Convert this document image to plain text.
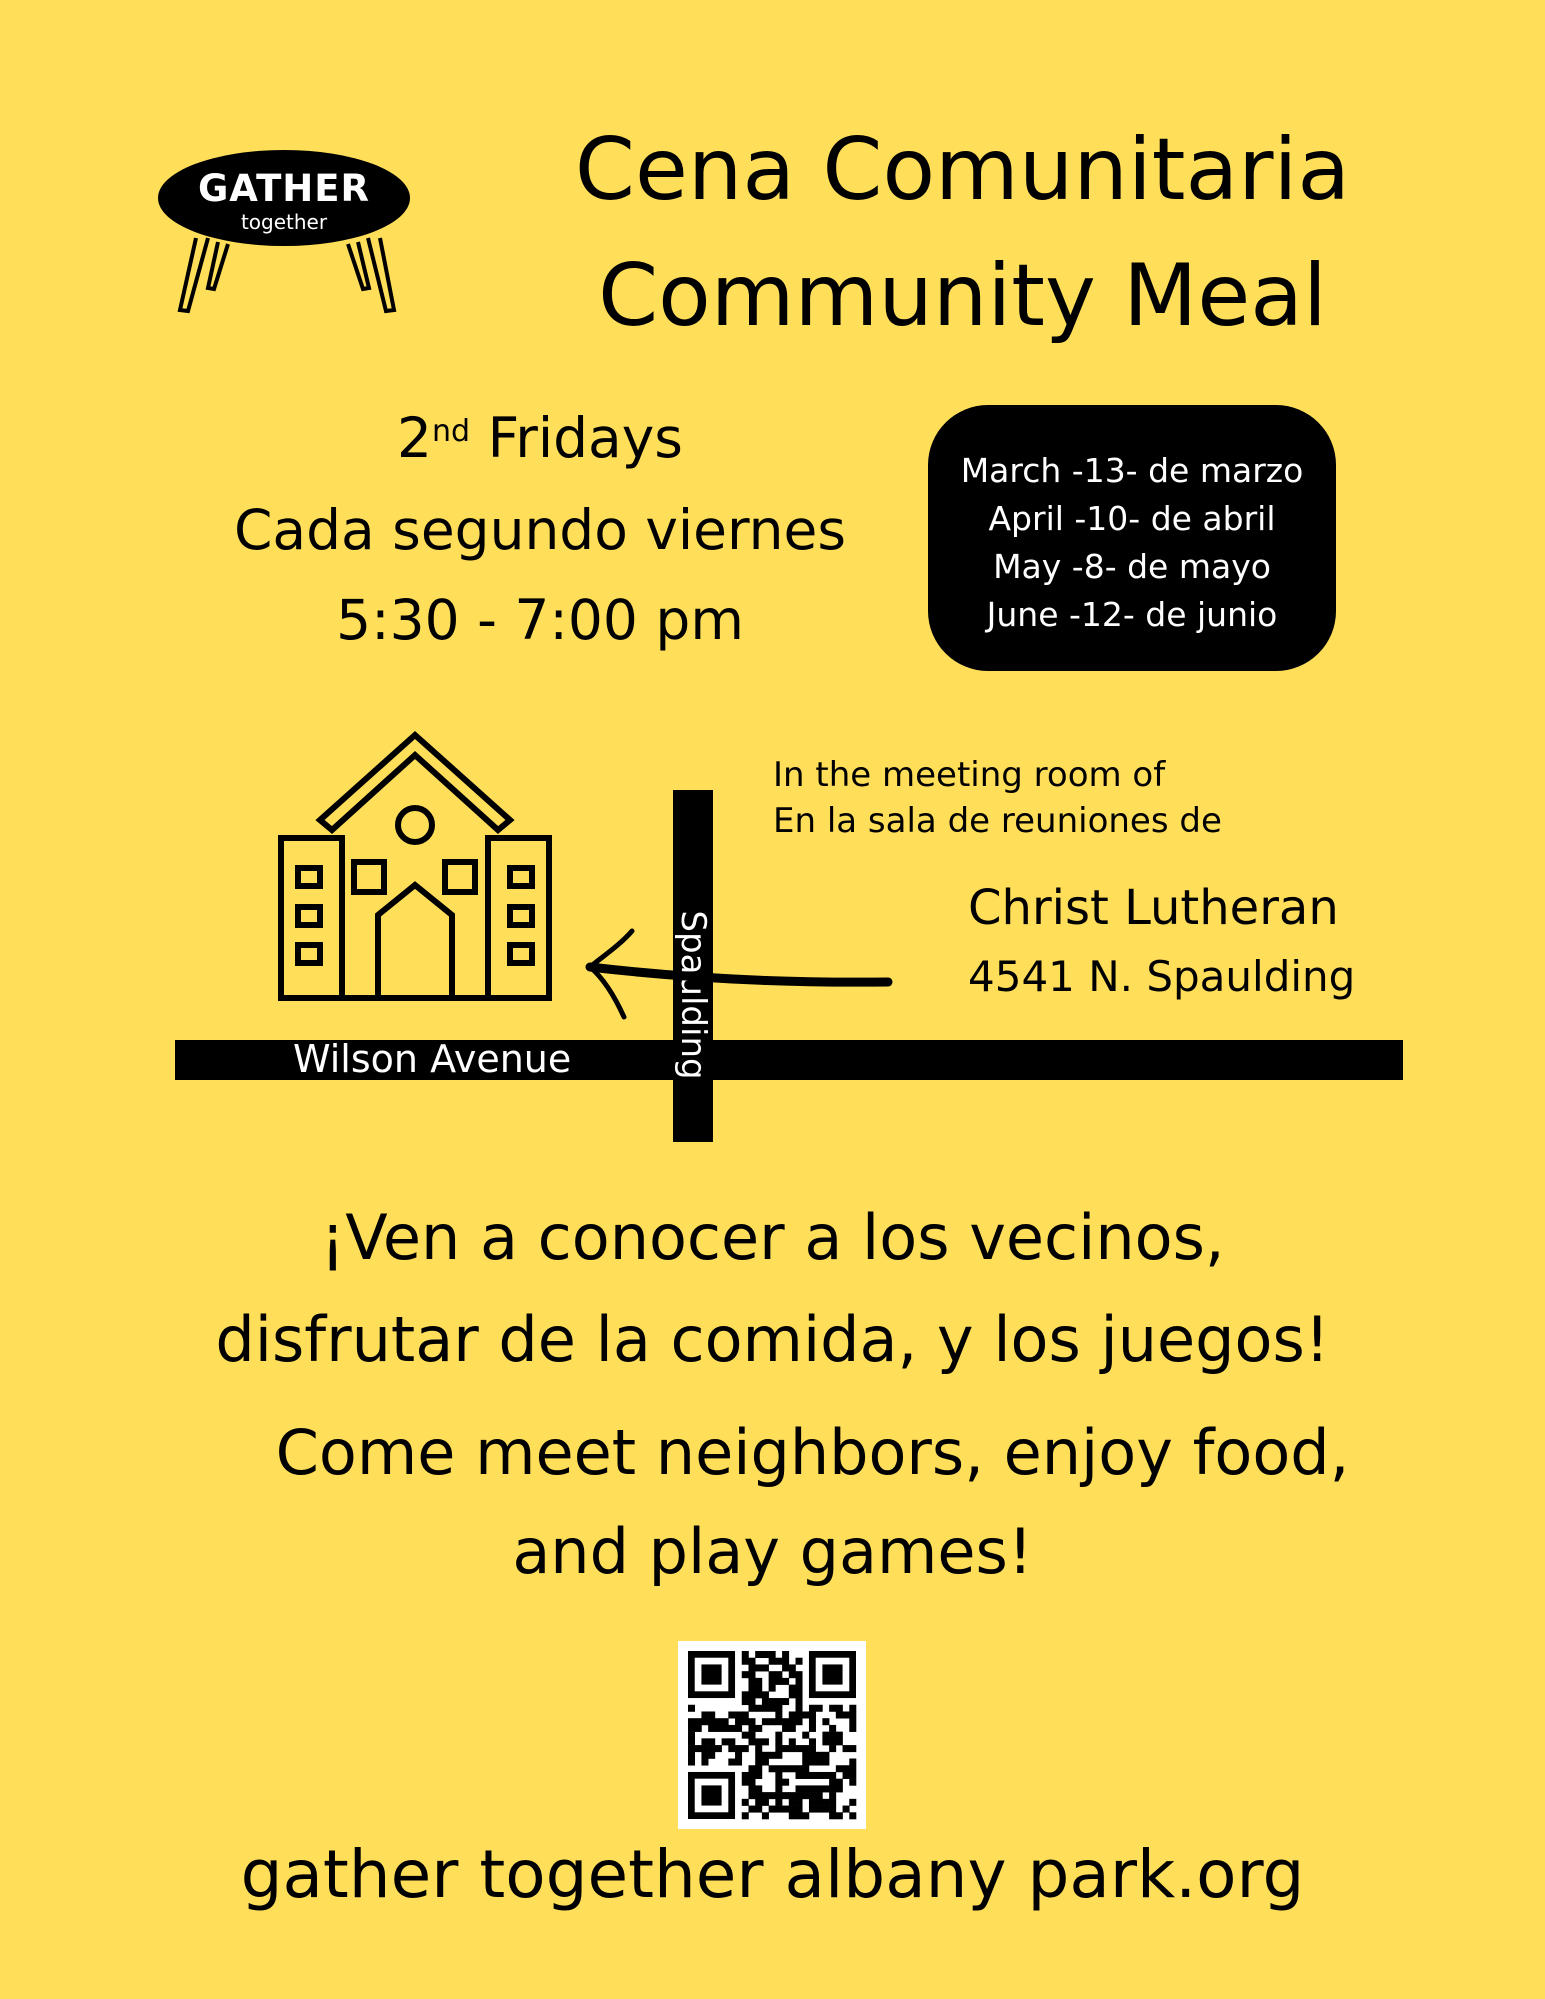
GATHER
together
Cena Comunitaria
Community Meal
2nd Fridays
Cada segundo viernes
5:30 - 7:00 pm
March -13- de marzo
April -10- de abril
May -8- de mayo
June -12- de junio
Wilson Avenue	Spaulding
In the meeting room of
En la sala de reuniones de
Christ Lutheran
4541 N. Spaulding
¡Ven a conocer a los vecinos,
disfrutar de la comida, y los juegos!
Come meet neighbors, enjoy food,
and play games!
gather together albany park.org
